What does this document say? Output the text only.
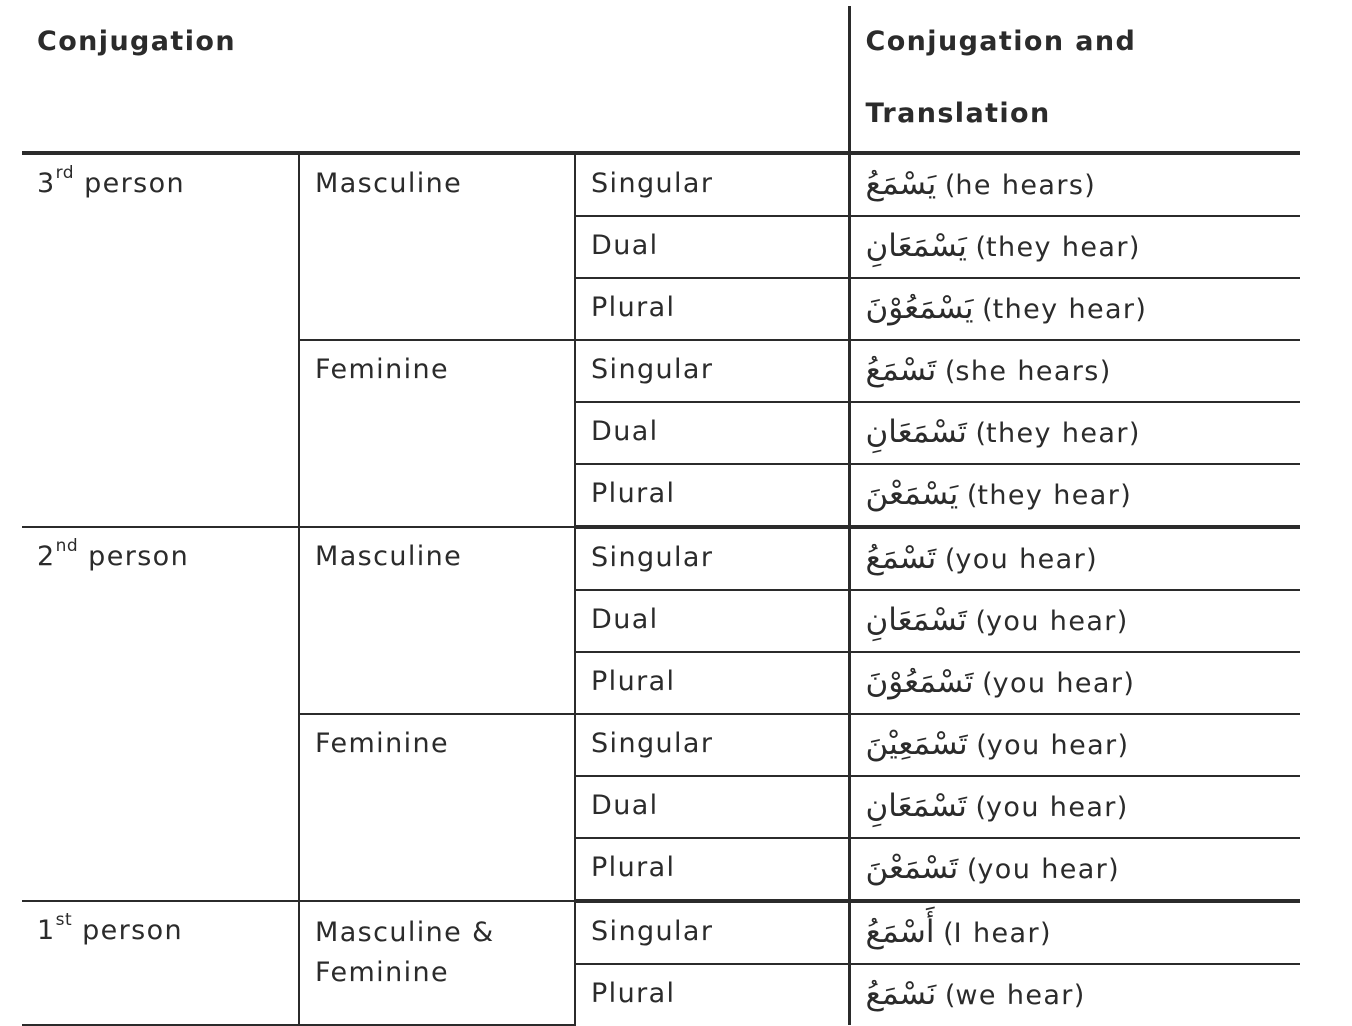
Conjugation			Conjugation and Translation
3rd person	Masculine	Singular	يَسْمَعُ (he hears)
		Dual	يَسْمَعَانِ (they hear)
		Plural	يَسْمَعُوْنَ (they hear)
	Feminine	Singular	تَسْمَعُ (she hears)
		Dual	تَسْمَعَانِ (they hear)
		Plural	يَسْمَعْنَ (they hear)
2nd person	Masculine	Singular	تَسْمَعُ (you hear)
		Dual	تَسْمَعَانِ (you hear)
		Plural	تَسْمَعُوْنَ (you hear)
	Feminine	Singular	تَسْمَعِيْنَ (you hear)
		Dual	تَسْمَعَانِ (you hear)
		Plural	تَسْمَعْنَ (you hear)
1st person	Masculine & Feminine	Singular	أَسْمَعُ (I hear)
		Plural	نَسْمَعُ (we hear)
